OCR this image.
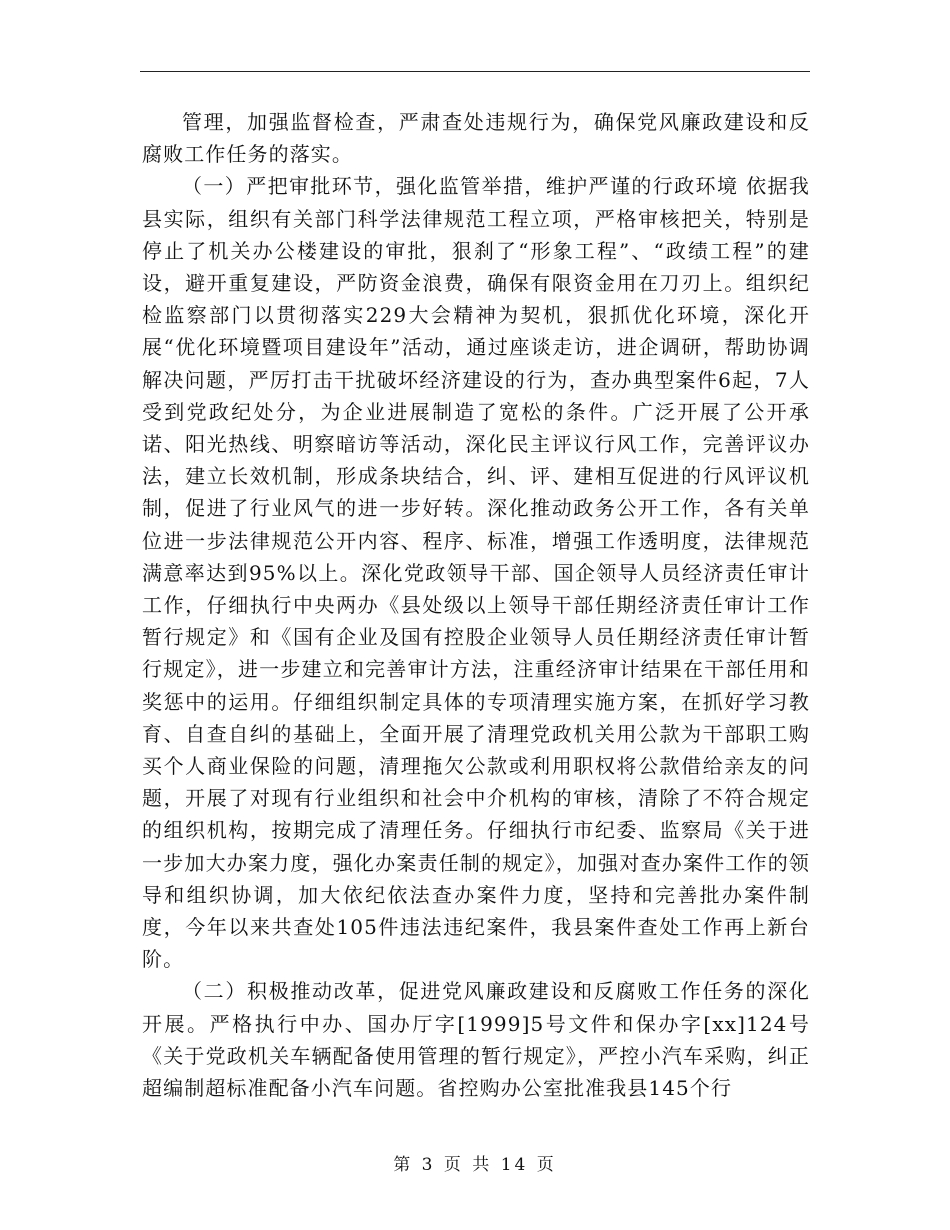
管理，加强监督检查，严肃查处违规行为，确保党风廉政建设和反腐败工作任务的落实。

（一）严把审批环节，强化监管举措，维护严谨的行政环境 依据我县实际，组织有关部门科学法律规范工程立项，严格审核把关，特别是停止了机关办公楼建设的审批，狠刹了“形象工程”、“政绩工程”的建设，避开重复建设，严防资金浪费，确保有限资金用在刀刃上。组织纪检监察部门以贯彻落实229大会精神为契机，狠抓优化环境，深化开展“优化环境暨项目建设年”活动，通过座谈走访，进企调研，帮助协调解决问题，严厉打击干扰破坏经济建设的行为，查办典型案件6起，7人受到党政纪处分，为企业进展制造了宽松的条件。广泛开展了公开承诺、阳光热线、明察暗访等活动，深化民主评议行风工作，完善评议办法，建立长效机制，形成条块结合，纠、评、建相互促进的行风评议机制，促进了行业风气的进一步好转。深化推动政务公开工作，各有关单位进一步法律规范公开内容、程序、标准，增强工作透明度，法律规范满意率达到95%以上。深化党政领导干部、国企领导人员经济责任审计工作，仔细执行中央两办《县处级以上领导干部任期经济责任审计工作暂行规定》和《国有企业及国有控股企业领导人员任期经济责任审计暂行规定》，进一步建立和完善审计方法，注重经济审计结果在干部任用和奖惩中的运用。仔细组织制定具体的专项清理实施方案，在抓好学习教育、自查自纠的基础上，全面开展了清理党政机关用公款为干部职工购买个人商业保险的问题，清理拖欠公款或利用职权将公款借给亲友的问题，开展了对现有行业组织和社会中介机构的审核，清除了不符合规定的组织机构，按期完成了清理任务。仔细执行市纪委、监察局《关于进一步加大办案力度，强化办案责任制的规定》，加强对查办案件工作的领导和组织协调，加大依纪依法查办案件力度，坚持和完善批办案件制度，今年以来共查处105件违法违纪案件，我县案件查处工作再上新台阶。

（二）积极推动改革，促进党风廉政建设和反腐败工作任务的深化开展。严格执行中办、国办厅字[1999]5号文件和保办字[xx]124号《关于党政机关车辆配备使用管理的暂行规定》，严控小汽车采购，纠正超编制超标准配备小汽车问题。省控购办公室批准我县145个行

第 3 页 共 14 页
